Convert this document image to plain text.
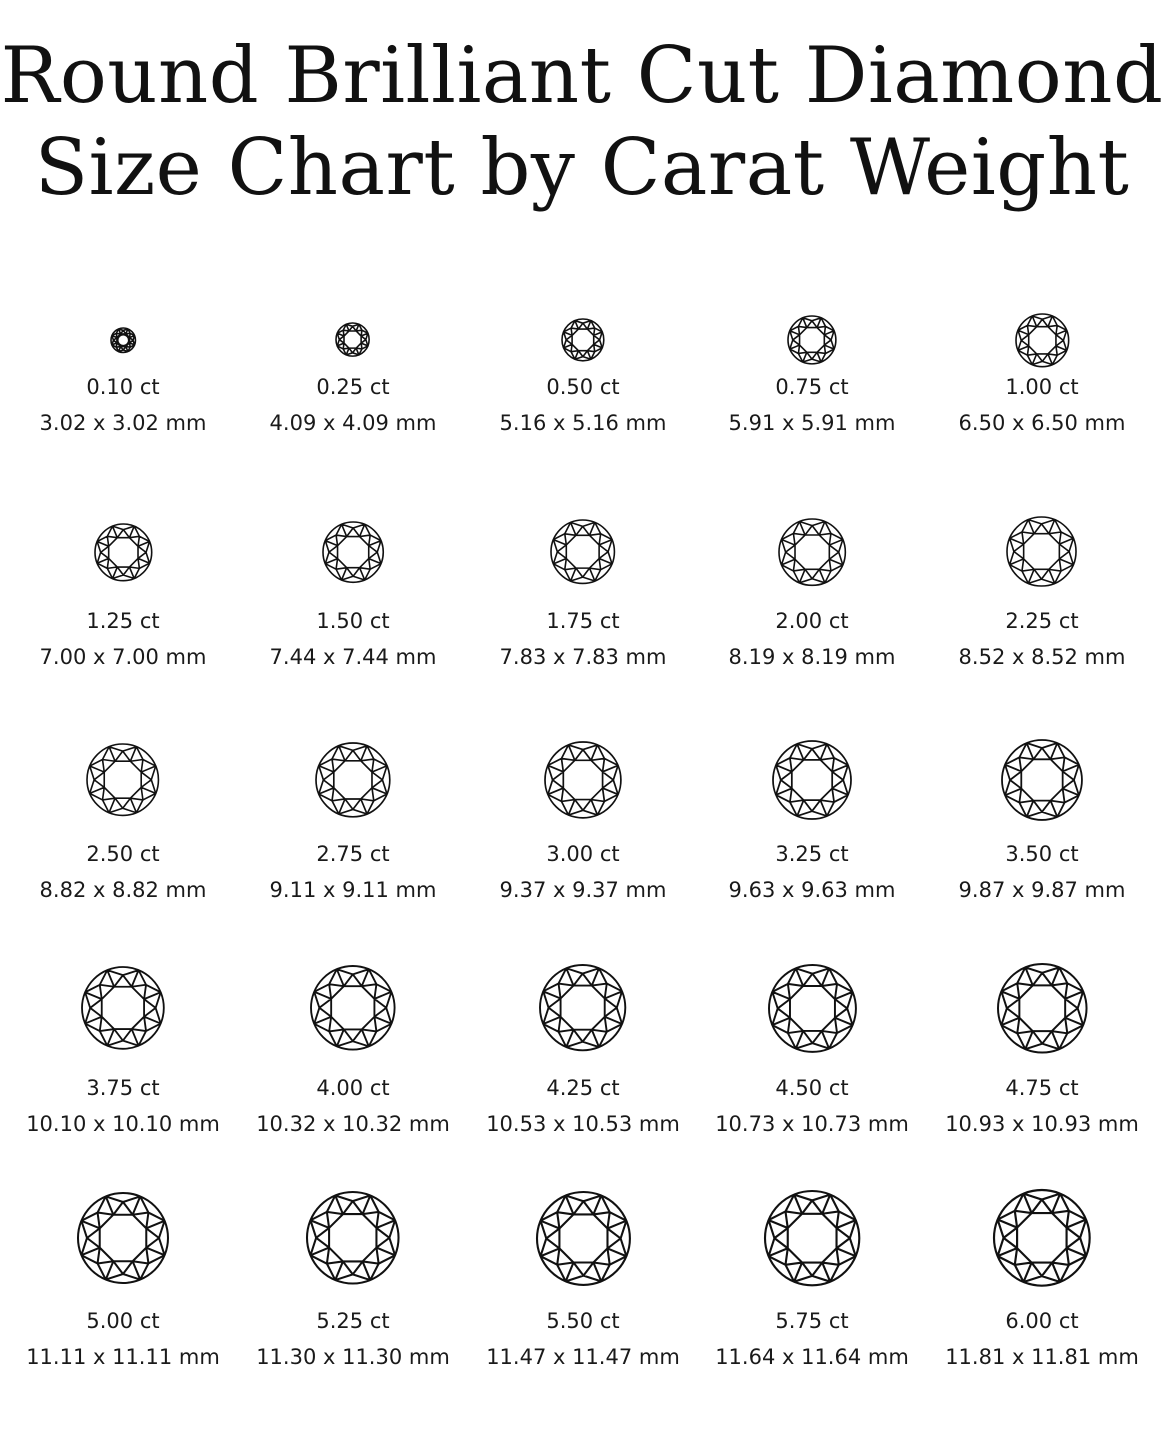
Round Brilliant Cut Diamond
Size Chart by Carat Weight
0.10 ct
3.02 x 3.02 mm
0.25 ct
4.09 x 4.09 mm
0.50 ct
5.16 x 5.16 mm
0.75 ct
5.91 x 5.91 mm
1.00 ct
6.50 x 6.50 mm
1.25 ct
7.00 x 7.00 mm
1.50 ct
7.44 x 7.44 mm
1.75 ct
7.83 x 7.83 mm
2.00 ct
8.19 x 8.19 mm
2.25 ct
8.52 x 8.52 mm
2.50 ct
8.82 x 8.82 mm
2.75 ct
9.11 x 9.11 mm
3.00 ct
9.37 x 9.37 mm
3.25 ct
9.63 x 9.63 mm
3.50 ct
9.87 x 9.87 mm
3.75 ct
10.10 x 10.10 mm
4.00 ct
10.32 x 10.32 mm
4.25 ct
10.53 x 10.53 mm
4.50 ct
10.73 x 10.73 mm
4.75 ct
10.93 x 10.93 mm
5.00 ct
11.11 x 11.11 mm
5.25 ct
11.30 x 11.30 mm
5.50 ct
11.47 x 11.47 mm
5.75 ct
11.64 x 11.64 mm
6.00 ct
11.81 x 11.81 mm
